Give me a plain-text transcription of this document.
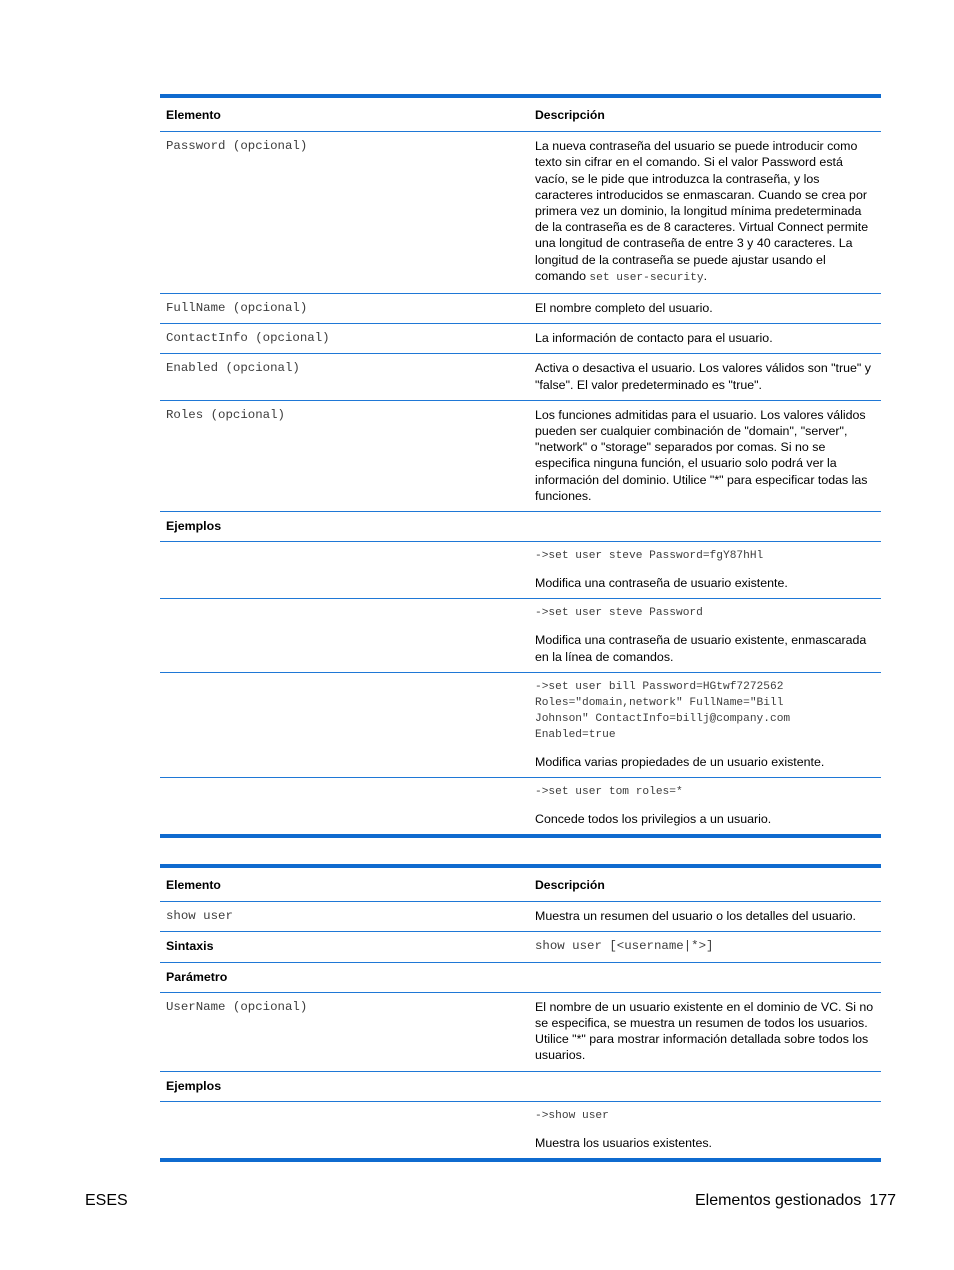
Elemento	Descripción
Password (opcional)	La nueva contraseña del usuario se puede introducir como texto sin cifrar en el comando. Si el valor Password está vacío, se le pide que introduzca la contraseña, y los caracteres introducidos se enmascaran. Cuando se crea por primera vez un dominio, la longitud mínima predeterminada de la contraseña es de 8 caracteres. Virtual Connect permite una longitud de contraseña de entre 3 y 40 caracteres. La longitud de la contraseña se puede ajustar usando el comando set user-security.
FullName (opcional)	El nombre completo del usuario.
ContactInfo (opcional)	La información de contacto para el usuario.
Enabled (opcional)	Activa o desactiva el usuario. Los valores válidos son "true" y "false". El valor predeterminado es "true".
Roles (opcional)	Los funciones admitidas para el usuario. Los valores válidos pueden ser cualquier combinación de "domain", "server", "network" o "storage" separados por comas. Si no se especifica ninguna función, el usuario solo podrá ver la información del dominio. Utilice "*" para especificar todas las funciones.
Ejemplos	

	->set user steve Password=fgY87hHl
Modifica una contraseña de usuario existente.

	->set user steve Password
Modifica una contraseña de usuario existente, enmascarada en la línea de comandos.

	->set user bill Password=HGtwf7272562
Roles="domain,network" FullName="Bill
Johnson" ContactInfo=billj@company.com
Enabled=true
Modifica varias propiedades de un usuario existente.

	->set user tom roles=*
Concede todos los privilegios a un usuario.
Elemento	Descripción
show user	Muestra un resumen del usuario o los detalles del usuario.
Sintaxis	show user [<username|*>]
Parámetro	
UserName (opcional)	El nombre de un usuario existente en el dominio de VC. Si no se especifica, se muestra un resumen de todos los usuarios. Utilice "*" para mostrar información detallada sobre todos los usuarios.
Ejemplos	

	->show user
Muestra los usuarios existentes.
ESES	Elementos gestionados 177
